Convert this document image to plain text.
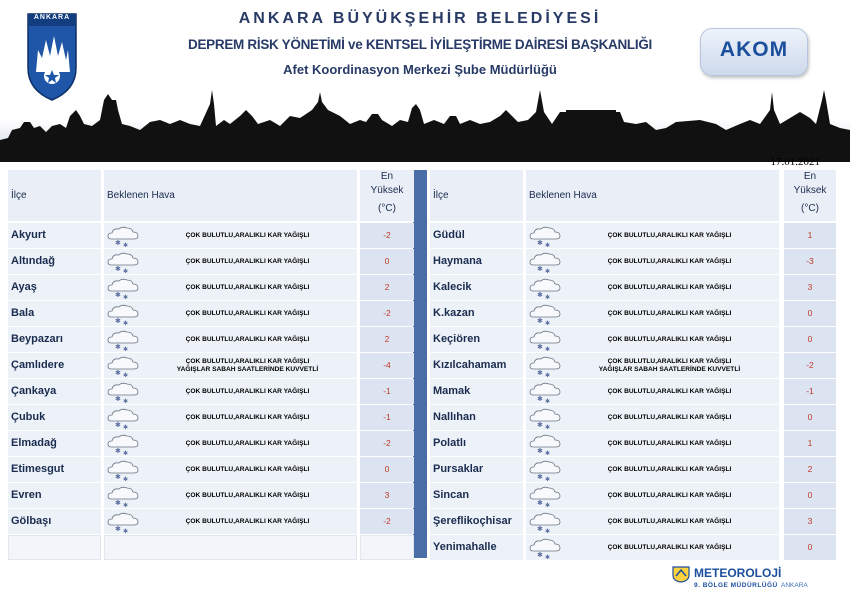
ANKARA	ANKARA BÜYÜKŞEHİR BELEDİYESİ
DEPREM RİSK YÖNETİMİ ve KENTSEL İYİLEŞTİRME DAİRESİ BAŞKANLIĞI
Afet Koordinasyon Merkezi Şube Müdürlüğü
AKOM
17.01.2021
METEOROLOJİ
9. BÖLGE MÜDÜRLÜĞÜ ANKARA
İlçe	Beklenen Hava
En
Yüksek
(°C)
Akyurt	ÇOK BULUTLU,ARALIKLI KAR YAĞIŞLI	-2
Altındağ	ÇOK BULUTLU,ARALIKLI KAR YAĞIŞLI	0
Ayaş	ÇOK BULUTLU,ARALIKLI KAR YAĞIŞLI	2
Bala	ÇOK BULUTLU,ARALIKLI KAR YAĞIŞLI	-2
Beypazarı	ÇOK BULUTLU,ARALIKLI KAR YAĞIŞLI	2
Çamlıdere	ÇOK BULUTLU,ARALIKLI KAR YAĞIŞLI
YAĞIŞLAR SABAH SAATLERİNDE KUVVETLİ	-4
Çankaya	ÇOK BULUTLU,ARALIKLI KAR YAĞIŞLI	-1
Çubuk	ÇOK BULUTLU,ARALIKLI KAR YAĞIŞLI	-1
Elmadağ	ÇOK BULUTLU,ARALIKLI KAR YAĞIŞLI	-2
Etimesgut	ÇOK BULUTLU,ARALIKLI KAR YAĞIŞLI	0
Evren	ÇOK BULUTLU,ARALIKLI KAR YAĞIŞLI	3
Gölbaşı	ÇOK BULUTLU,ARALIKLI KAR YAĞIŞLI	-2
İlçe	Beklenen Hava
En
Yüksek
(°C)
Güdül	ÇOK BULUTLU,ARALIKLI KAR YAĞIŞLI	1
Haymana	ÇOK BULUTLU,ARALIKLI KAR YAĞIŞLI	-3
Kalecik	ÇOK BULUTLU,ARALIKLI KAR YAĞIŞLI	3
K.kazan	ÇOK BULUTLU,ARALIKLI KAR YAĞIŞLI	0
Keçiören	ÇOK BULUTLU,ARALIKLI KAR YAĞIŞLI	0
Kızılcahamam	ÇOK BULUTLU,ARALIKLI KAR YAĞIŞLI
YAĞIŞLAR SABAH SAATLERİNDE KUVVETLİ	-2
Mamak	ÇOK BULUTLU,ARALIKLI KAR YAĞIŞLI	-1
Nallıhan	ÇOK BULUTLU,ARALIKLI KAR YAĞIŞLI	0
Polatlı	ÇOK BULUTLU,ARALIKLI KAR YAĞIŞLI	1
Pursaklar	ÇOK BULUTLU,ARALIKLI KAR YAĞIŞLI	2
Sincan	ÇOK BULUTLU,ARALIKLI KAR YAĞIŞLI	0
Şereflikoçhisar	ÇOK BULUTLU,ARALIKLI KAR YAĞIŞLI	3
Yenimahalle	ÇOK BULUTLU,ARALIKLI KAR YAĞIŞLI	0
